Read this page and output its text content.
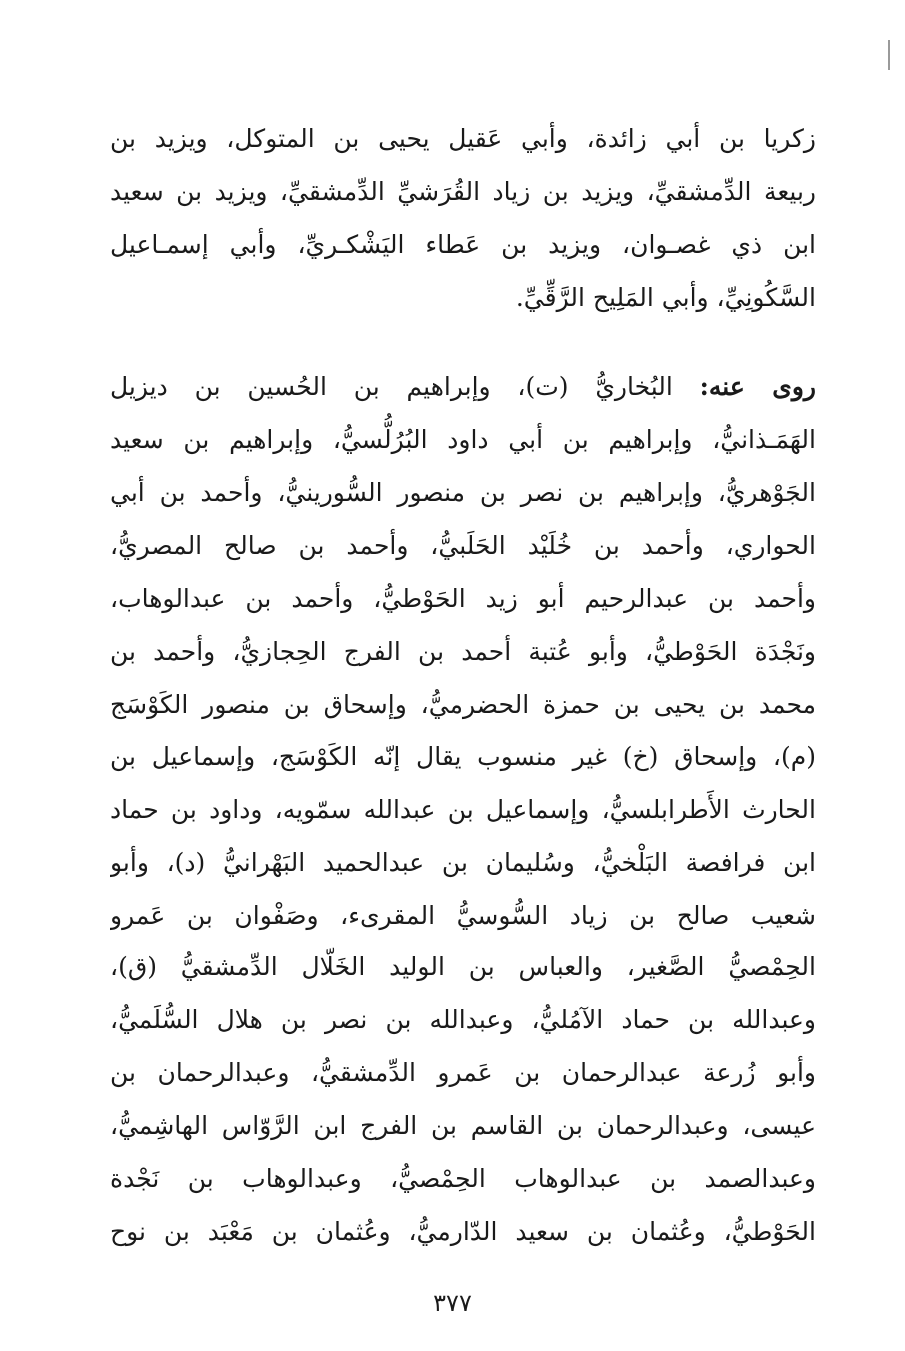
زكريا بن أبي زائدة، وأبي عَقيل يحيى بن المتوكل، ويزيد بن
ربيعة الدِّمشقيِّ، ويزيد بن زياد القُرَشيِّ الدِّمشقيِّ، ويزيد بن سعيد
ابن ذي غصـوان، ويزيد بن عَطاء اليَشْكـريِّ، وأبي إسمـاعيل
السَّكُونِيِّ، وأبي المَلِيح الرَّقِّيِّ.
روى عنه: البُخاريُّ (ت)، وإبراهيم بن الحُسين بن ديزيل
الهَمَـذانيُّ، وإبراهيم بن أبي داود البُرُلُّسيُّ، وإبراهيم بن سعيد
الجَوْهريُّ، وإبراهيم بن نصر بن منصور السُّورينيُّ، وأحمد بن أبي
الحواري، وأحمد بن خُلَيْد الحَلَبيُّ، وأحمد بن صالح المصريُّ،
وأحمد بن عبدالرحيم أبو زيد الحَوْطيُّ، وأحمد بن عبدالوهاب،
ونَجْدَة الحَوْطيُّ، وأبو عُتبة أحمد بن الفرج الحِجازيُّ، وأحمد بن
محمد بن يحيى بن حمزة الحضرميُّ، وإسحاق بن منصور الكَوْسَج
(م)، وإسحاق (خ) غير منسوب يقال إنّه الكَوْسَج، وإسماعيل بن
الحارث الأَطرابلسيُّ، وإسماعيل بن عبدالله سمّويه، وداود بن حماد
ابن فرافصة البَلْخيُّ، وسُليمان بن عبدالحميد البَهْرانيُّ (د)، وأبو
شعيب صالح بن زياد السُّوسيُّ المقرىء، وصَفْوان بن عَمرو
الحِمْصيُّ الصَّغير، والعباس بن الوليد الخَلّال الدِّمشقيُّ (ق)،
وعبدالله بن حماد الآمُليُّ، وعبدالله بن نصر بن هلال السُّلَميُّ،
وأبو زُرعة عبدالرحمان بن عَمرو الدِّمشقيُّ، وعبدالرحمان بن
عيسى، وعبدالرحمان بن القاسم بن الفرج ابن الرَّوّاس الهاشِميُّ،
وعبدالصمد بن عبدالوهاب الحِمْصيُّ، وعبدالوهاب بن نَجْدة
الحَوْطيُّ، وعُثمان بن سعيد الدّارميُّ، وعُثمان بن مَعْبَد بن نوح
٣٧٧
